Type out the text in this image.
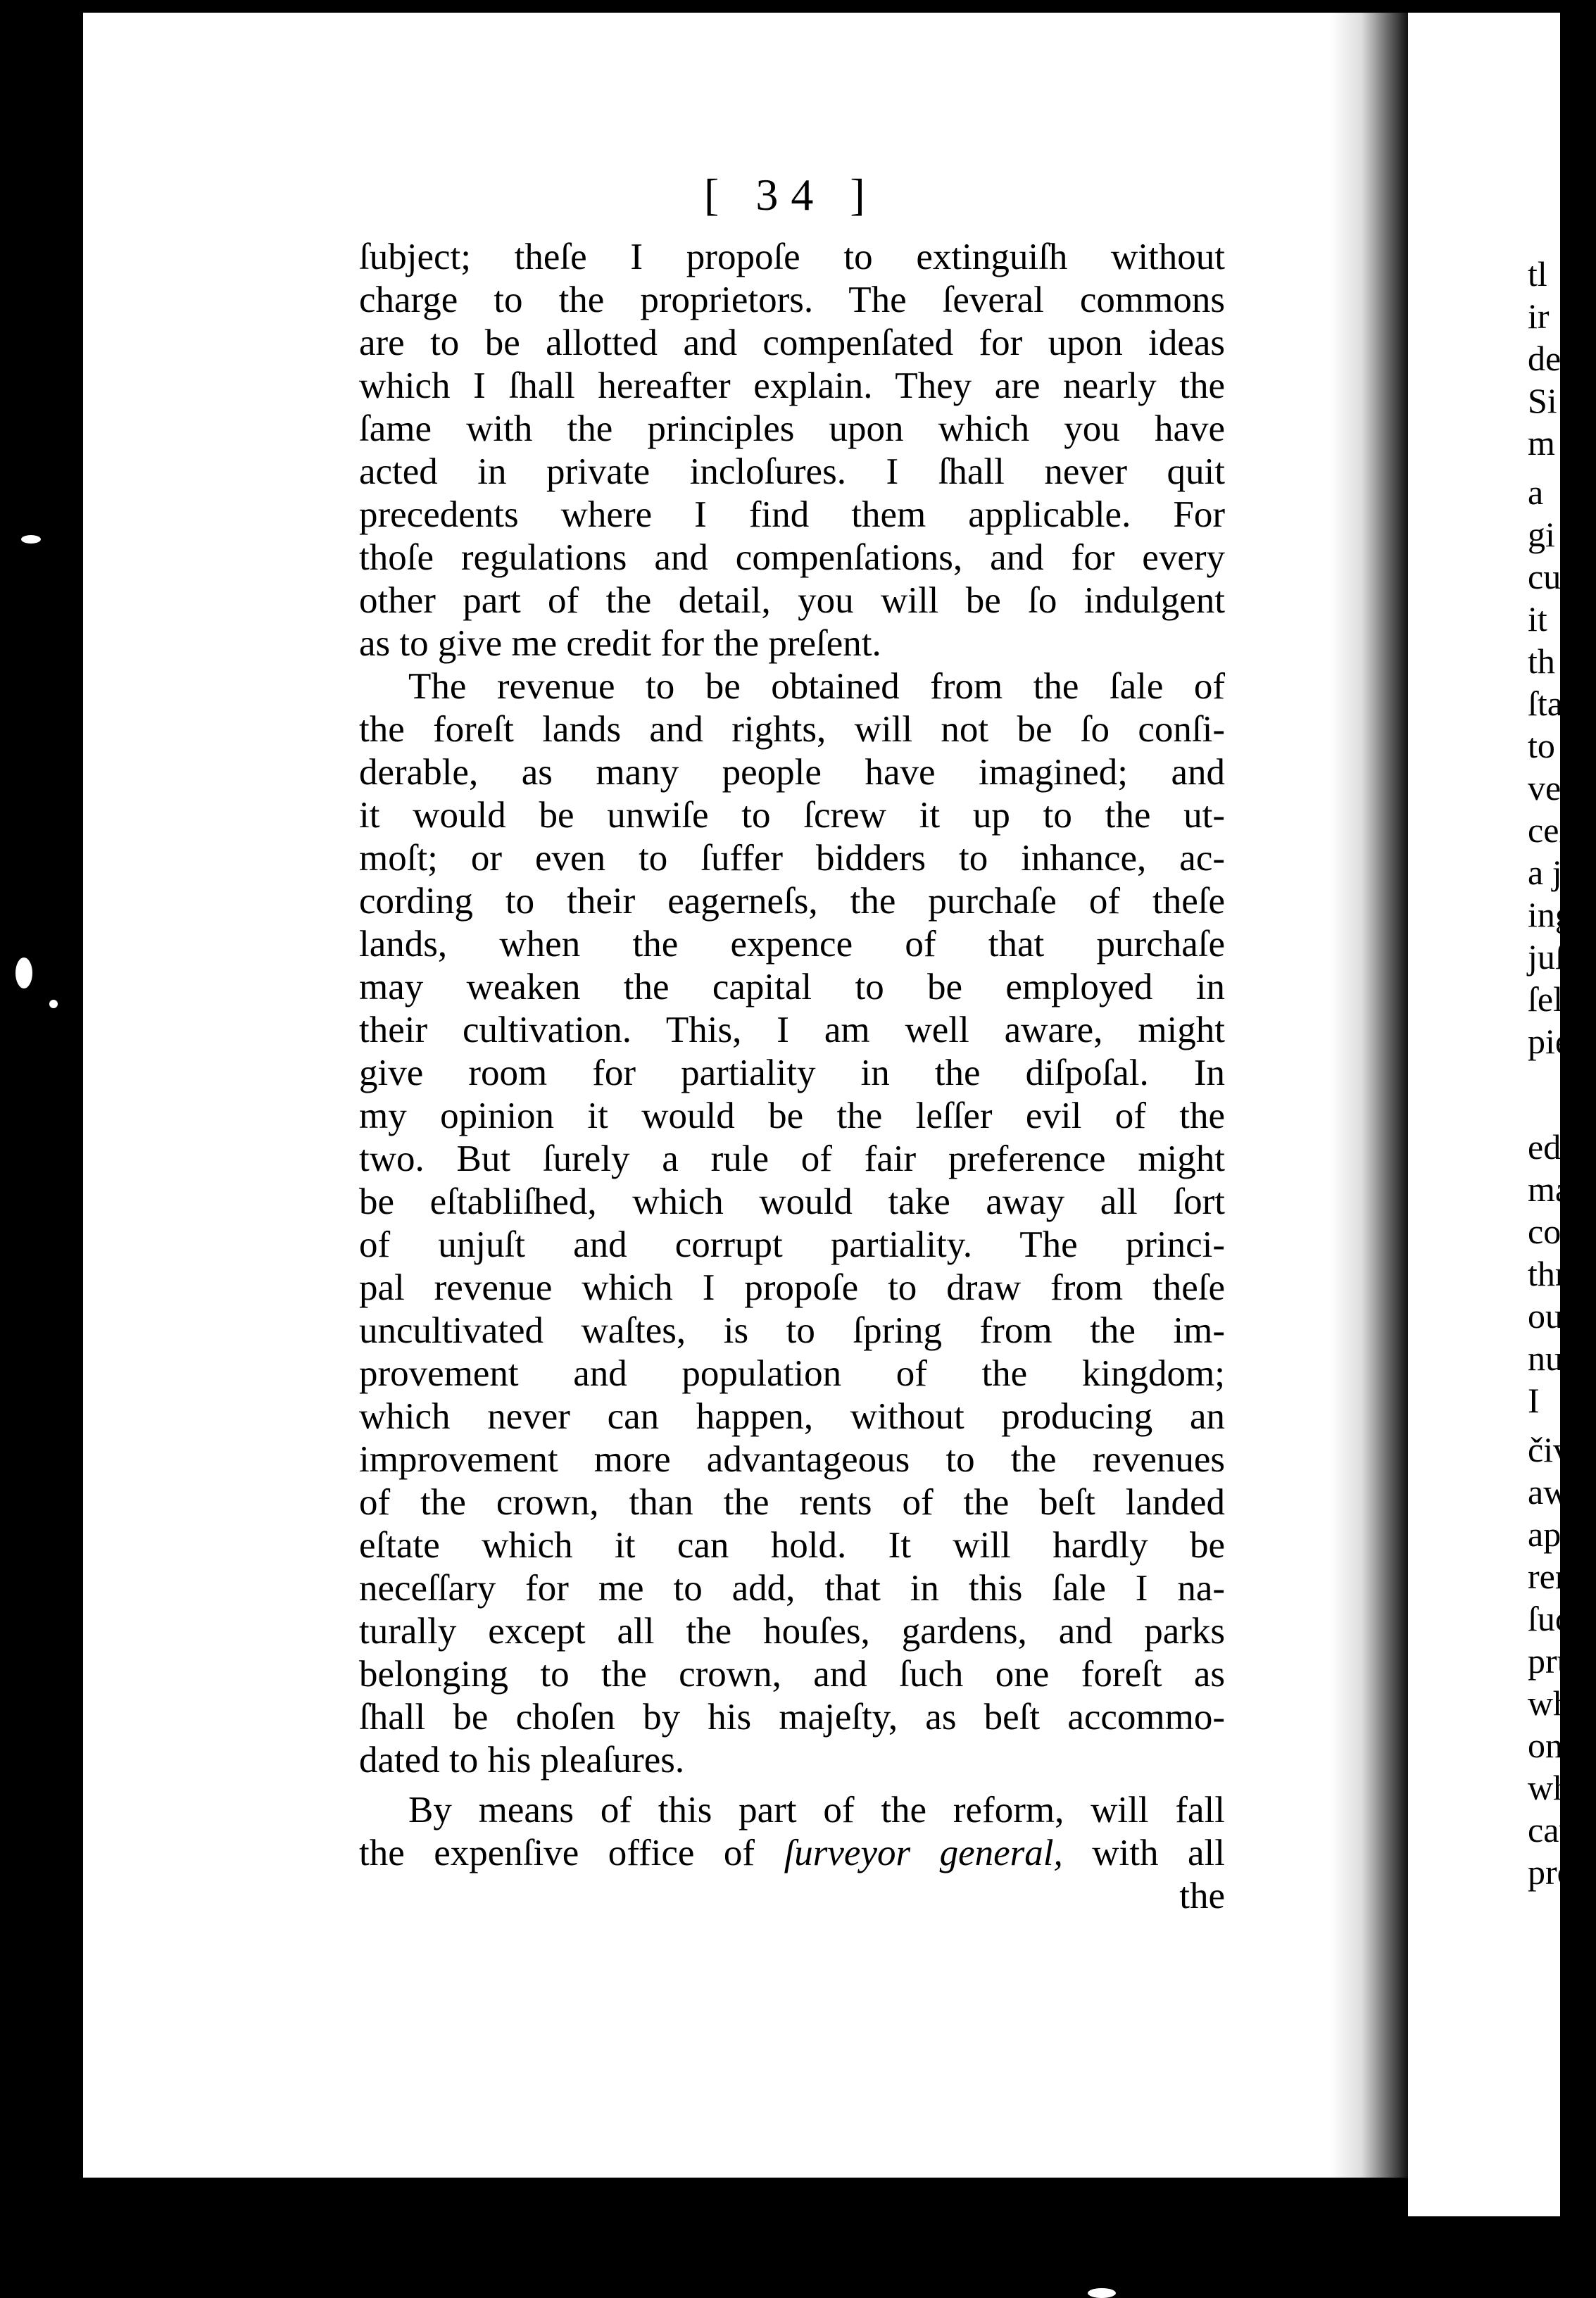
[ 34 ]
ſubject; theſe I propoſe to extinguiſh without
charge to the proprietors. The ſeveral commons
are to be allotted and compenſated for upon ideas
which I ſhall hereafter explain. They are nearly the
ſame with the principles upon which you have
acted in private incloſures. I ſhall never quit
precedents where I find them applicable. For
thoſe regulations and compenſations, and for every
other part of the detail, you will be ſo indulgent
as to give me credit for the preſent.
The revenue to be obtained from the ſale of
the foreſt lands and rights, will not be ſo conſi-
derable, as many people have imagined; and
it would be unwiſe to ſcrew it up to the ut-
moſt; or even to ſuffer bidders to inhance, ac-
cording to their eagerneſs, the purchaſe of theſe
lands, when the expence of that purchaſe
may weaken the capital to be employed in
their cultivation. This, I am well aware, might
give room for partiality in the diſpoſal. In
my opinion it would be the leſſer evil of the
two. But ſurely a rule of fair preference might
be eſtabliſhed, which would take away all ſort
of unjuſt and corrupt partiality. The princi-
pal revenue which I propoſe to draw from theſe
uncultivated waſtes, is to ſpring from the im-
provement and population of the kingdom;
which never can happen, without producing an
improvement more advantageous to the revenues
of the crown, than the rents of the beſt landed
eſtate which it can hold. It will hardly be
neceſſary for me to add, that in this ſale I na-
turally except all the houſes, gardens, and parks
belonging to the crown, and ſuch one foreſt as
ſhall be choſen by his majeſty, as beſt accommo-
dated to his pleaſures.
By means of this part of the reform, will fall
the expenſive office of ſurveyor general, with all
the
tl
ir
de
Si
m
a
gi
cu
it
th
ſta
to
ve
cei
a j
ing
juſ
ſel
pie
ed
ma
cor
thr
our
nue
I
čivi
awe
app
rent
ſucl
pru
whi
only
whic
cauſ
proc
